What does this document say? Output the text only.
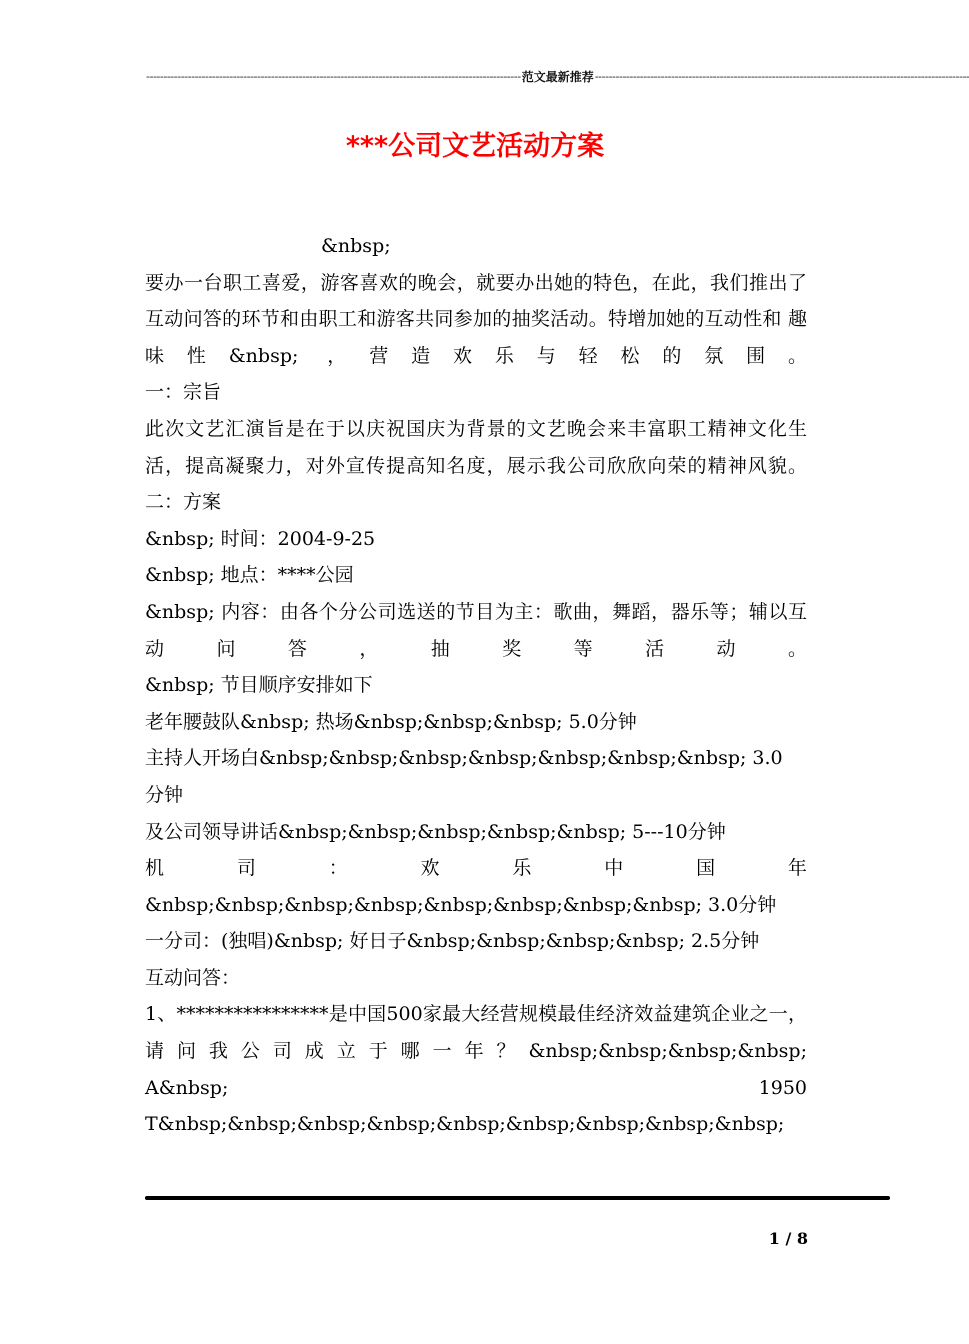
------------------------------------------------------------------------------------------------------------ 范文最新推荐 ------------------------------------------------------------------------------------------------------------
***公司文艺活动方案

&nbsp;

要办一台职工喜爱，游客喜欢的晚会，就要办出她的特色，在此，我们推出了互动问答的环节和由职工和游客共同参加的抽奖活动。特增加她的互动性和 趣味性&nbsp; ，营造欢乐与轻松的氛围。

一：宗旨

此次文艺汇演旨是在于以庆祝国庆为背景的文艺晚会来丰富职工精神文化生活，提高凝聚力，对外宣传提高知名度，展示我公司欣欣向荣的精神风貌。

二：方案

&nbsp; 时间：2004-9-25

&nbsp; 地点：****公园

&nbsp; 内容：由各个分公司选送的节目为主：歌曲，舞蹈，器乐等；辅以互动问答，抽奖等活动。

&nbsp; 节目顺序安排如下

老年腰鼓队&nbsp; 热场&nbsp;&nbsp;&nbsp; 5.0分钟

主持人开场白&nbsp;&nbsp;&nbsp;&nbsp;&nbsp;&nbsp;&nbsp; 3.0

分钟

及公司领导讲话&nbsp;&nbsp;&nbsp;&nbsp;&nbsp; 5---10分钟

机	司	：	欢	乐	中	国	年

&nbsp;&nbsp;&nbsp;&nbsp;&nbsp;&nbsp;&nbsp;&nbsp; 3.0分钟

一分司：(独唱)&nbsp; 好日子&nbsp;&nbsp;&nbsp;&nbsp; 2.5分钟

互动问答：

1、****************是中国500家最大经营规模最佳经济效益建筑企业之一，请问我公司成立于哪一年？&nbsp;&nbsp;&nbsp;&nbsp;

A&nbsp;	1950

T&nbsp;&nbsp;&nbsp;&nbsp;&nbsp;&nbsp;&nbsp;&nbsp;&nbsp;

1 / 8
